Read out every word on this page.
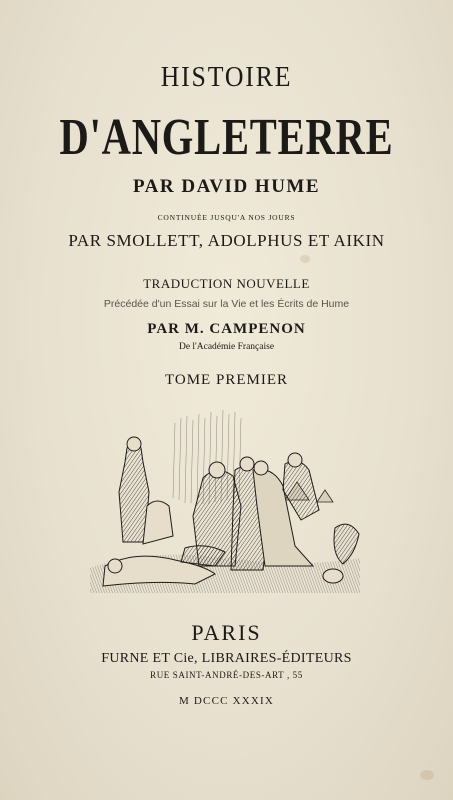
HISTOIRE
D'ANGLETERRE
PAR DAVID HUME
CONTINUÉE JUSQU'A NOS JOURS
PAR SMOLLETT, ADOLPHUS ET AIKIN
TRADUCTION NOUVELLE
Précédée d'un Essai sur la Vie et les Écrits de Hume
PAR M. CAMPENON
De l'Académie Française
TOME PREMIER
PARIS
FURNE ET Cie, LIBRAIRES-ÉDITEURS
RUE SAINT-ANDRÉ-DES-ART , 55
M DCCC XXXIX
